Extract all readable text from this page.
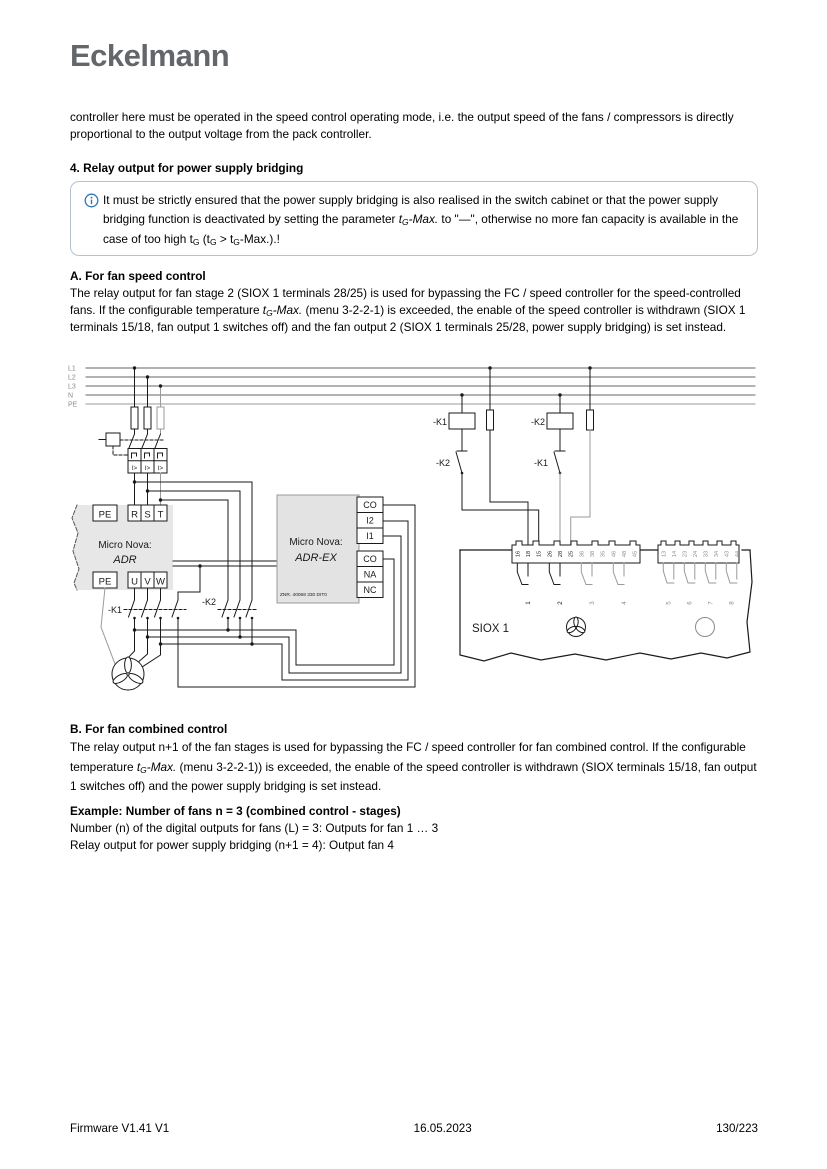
Eckelmann

controller here must be operated in the speed control operating mode, i.e. the output speed of the fans / compressors is directly proportional to the output voltage from the pack controller.

4. Relay output for power supply bridging

It must be strictly ensured that the power supply bridging is also realised in the switch cabinet or that the power supply bridging function is deactivated by setting the parameter $t_G$-Max. to "—", otherwise no more fan capacity is available in the case of too high $t_G$ $(t_G > t_G-Max.)$.!

A. For fan speed control

The relay output for fan stage 2 (SIOX 1 terminals 28/25) is used for bypassing the FC / speed controller for the speed-controlled fans. If the configurable temperature $t_G$-Max. (menu 3-2-2-1) is exceeded, the enable of the speed controller is withdrawn (SIOX 1 terminals 15/18, fan output 1 switches off) and the fan output 2 (SIOX 1 terminals 25/28, power supply bridging) is set instead.

L1
L2
L3
N
PE
I> I> I>
PE R S T
PE U V W
Micro Nova:
ADR
CO
I2
I1
CO
NA
NC
Micro Nova:
ADR-EX
ZNR. 40068 330 DIT0
-K1
-K2
-K1
-K2
-K2
-K1
16 18 15 26 28 25 36 38 35 46 48 45	13 14 23 24 33 34 43 44
1	2	3	4	5 6 7 8
SIOX 1

B. For fan combined control

The relay output n+1 of the fan stages is used for bypassing the FC / speed controller for fan combined control. If the configurable temperature $t_G$-Max. (menu 3-2-2-1)) is exceeded, the enable of the speed controller is withdrawn (SIOX terminals 15/18, fan output 1 switches off) and the power supply bridging is set instead.

Example: Number of fans n = 3 (combined control - stages)

Number (n) of the digital outputs for fans (L) = 3: Outputs for fan 1 … 3

Relay output for power supply bridging (n+1 = 4): Output fan 4

Firmware V1.41 V1	16.05.2023	130/223
